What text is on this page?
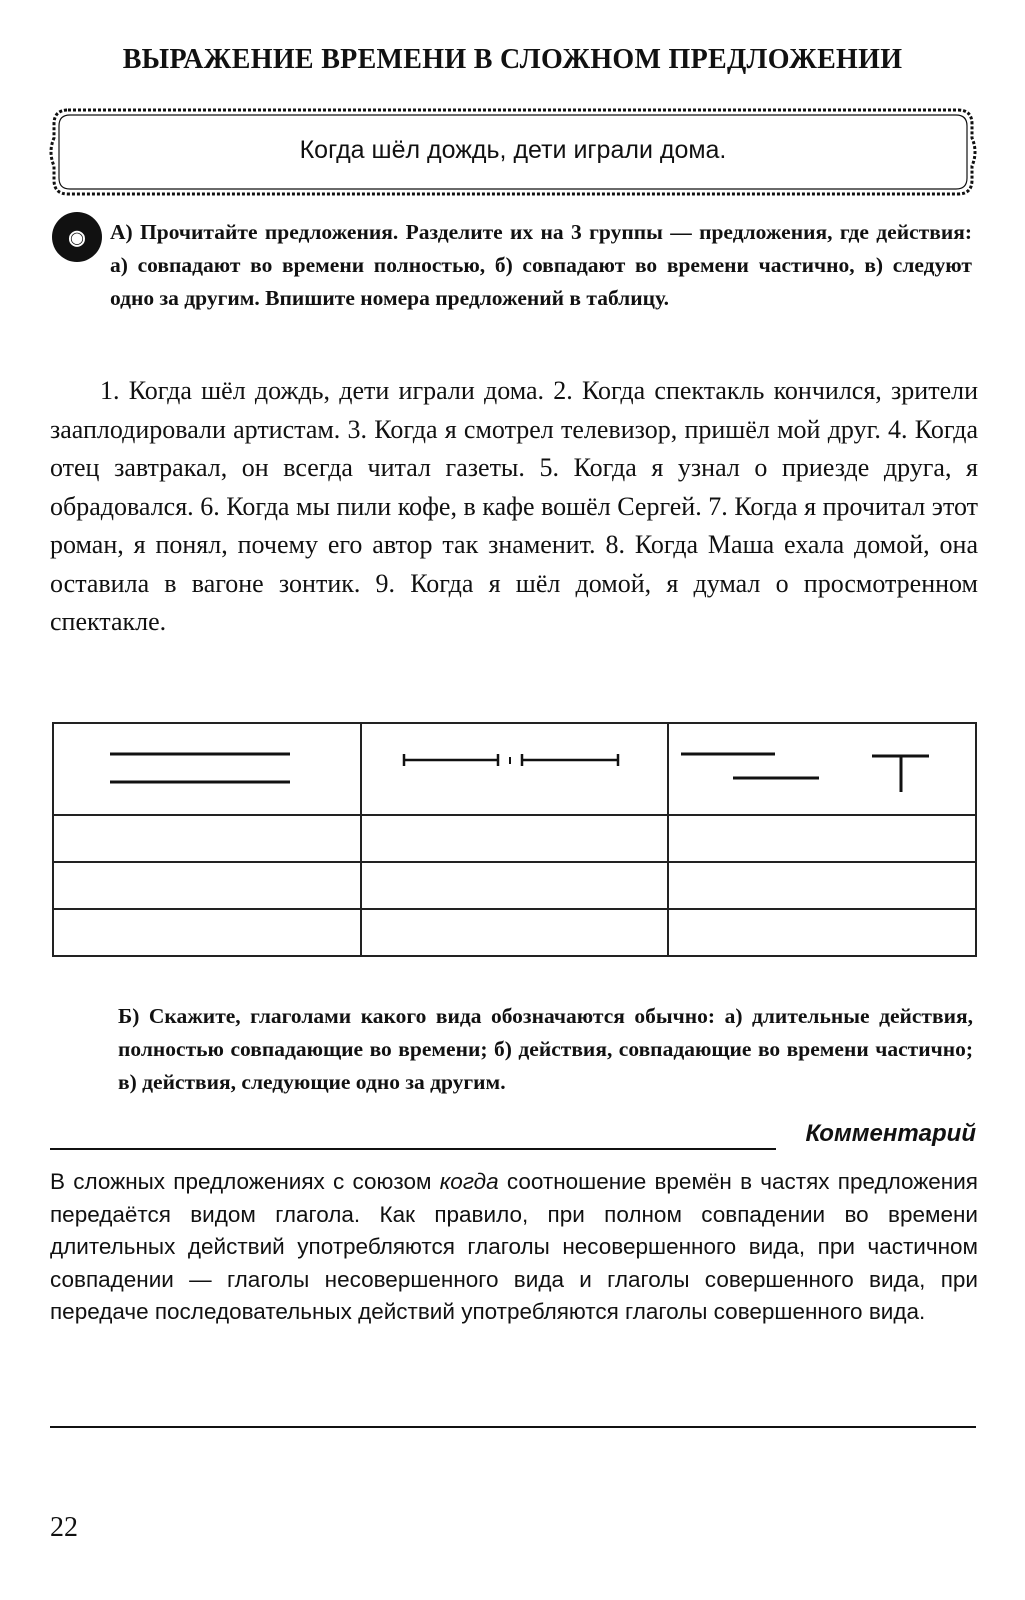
ВЫРАЖЕНИЕ ВРЕМЕНИ В СЛОЖНОМ ПРЕДЛОЖЕНИИ
Когда шёл дождь, дети играли дома.
◉	А) Прочитайте предложения. Разделите их на 3 группы — предложения, где действия: а) совпадают во времени полностью, б) совпадают во времени частично, в) следуют одно за другим. Впишите номера предложений в таблицу.
1. Когда шёл дождь, дети играли дома. 2. Когда спектакль кончился, зрители зааплодировали артистам. 3. Когда я смотрел телевизор, пришёл мой друг. 4. Когда отец завтракал, он всегда читал газеты. 5. Когда я узнал о приезде друга, я обрадовался. 6. Когда мы пили кофе, в кафе вошёл Сергей. 7. Когда я прочитал этот роман, я понял, почему его автор так знаменит. 8. Когда Маша ехала домой, она оставила в вагоне зонтик. 9. Когда я шёл домой, я думал о просмотренном спектакле.

Б) Скажите, глаголами какого вида обозначаются обычно: а) длительные действия, полностью совпадающие во времени; б) действия, совпадающие во времени частично; в) действия, следующие одно за другим.
Комментарий
В сложных предложениях с союзом когда соотношение времён в частях предложения передаётся видом глагола. Как правило, при полном совпадении во времени длительных действий употребляются глаголы несовершенного вида, при частичном совпадении — глаголы несовершенного вида и глаголы совершенного вида, при передаче последовательных действий употребляются глаголы совершенного вида.
22
